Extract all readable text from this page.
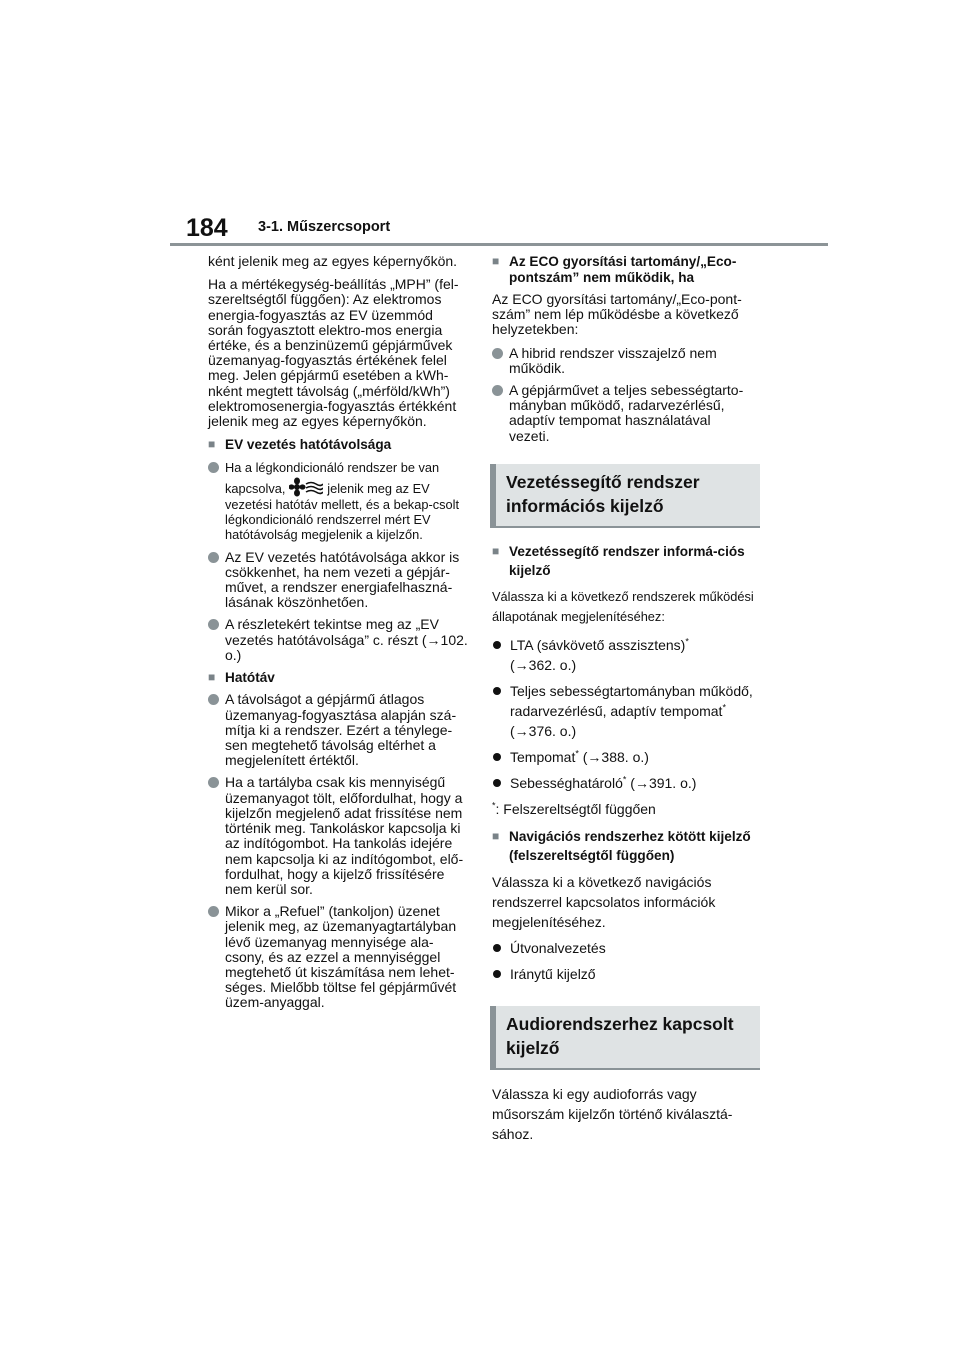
184 3-1. Műszercsoport

ként jelenik meg az egyes képernyőkön.

Ha a mértékegység-beállítás „MPH” (fel-szereltségtől függően): Az elektromos energia-fogyasztás az EV üzemmód során fogyasztott elektro-mos energia értéke, és a benzinüzemű gépjárművek üzemanyag-fogyasztás értékének felel meg. Jelen gépjármű esetében a kWh-nként megtett távolság („mérföld/kWh”) elektromosenergia-fogyasztás értékként jelenik meg az egyes képernyőkön.

■ EV vezetés hatótávolsága
Ha a légkondicionáló rendszer be van
kapcsolva,	jelenik meg az EV vezetési hatótáv mellett, és a bekap-csolt légkondicionáló rendszerrel mért EV hatótávolság megjelenik a kijelzőn.
Az EV vezetés hatótávolsága akkor is csökkenhet, ha nem vezeti a gépjár-művet, a rendszer energiafelhaszná-lásának köszönhetően.
A részletekért tekintse meg az „EV vezetés hatótávolsága” c. részt (→102. o.)
■ Hatótáv
A távolságot a gépjármű átlagos üzemanyag-fogyasztása alapján szá-mítja ki a rendszer. Ezért a ténylege-sen megtehető távolság eltérhet a megjelenített értéktől.
Ha a tartályba csak kis mennyiségű üzemanyagot tölt, előfordulhat, hogy a kijelzőn megjelenő adat frissítése nem történik meg. Tankoláskor kapcsolja ki az indítógombot. Ha tankolás idejére nem kapcsolja ki az indítógombot, elő-fordulhat, hogy a kijelző frissítésére nem kerül sor.
Mikor a „Refuel” (tankoljon) üzenet jelenik meg, az üzemanyagtartályban lévő üzemanyag mennyisége ala-csony, és az ezzel a mennyiséggel megtehető út kiszámítása nem lehet-séges. Mielőbb töltse fel gépjárművét üzem-anyaggal.
■ Az ECO gyorsítási tartomány/„Eco-pontszám” nem működik, ha

Az ECO gyorsítási tartomány/„Eco-pont-szám” nem lép működésbe a következő helyzetekben:

A hibrid rendszer visszajelző nem működik.
A gépjárművet a teljes sebességtarto-mányban működő, radarvezérlésű, adaptív tempomat használatával vezeti.
Vezetéssegítő rendszer információs kijelző
■ Vezetéssegítő rendszer informá-ciós kijelző

Válassza ki a következő rendszerek működési állapotának megjelenítéséhez:

LTA (sávkövető asszisztens)*
(→362. o.)
Teljes sebességtartományban működő, radarvezérlésű, adaptív tempomat* (→376. o.)
Tempomat* (→388. o.)
Sebességhatároló* (→391. o.)
*: Felszereltségtől függően
■ Navigációs rendszerhez kötött kijelző (felszereltségtől függően)

Válassza ki a következő navigációs rendszerrel kapcsolatos információk megjelenítéséhez.

Útvonalvezetés
Iránytű kijelző
Audiorendszerhez kapcsolt kijelző

Válassza ki egy audioforrás vagy műsorszám kijelzőn történő kiválasztá-sához.
